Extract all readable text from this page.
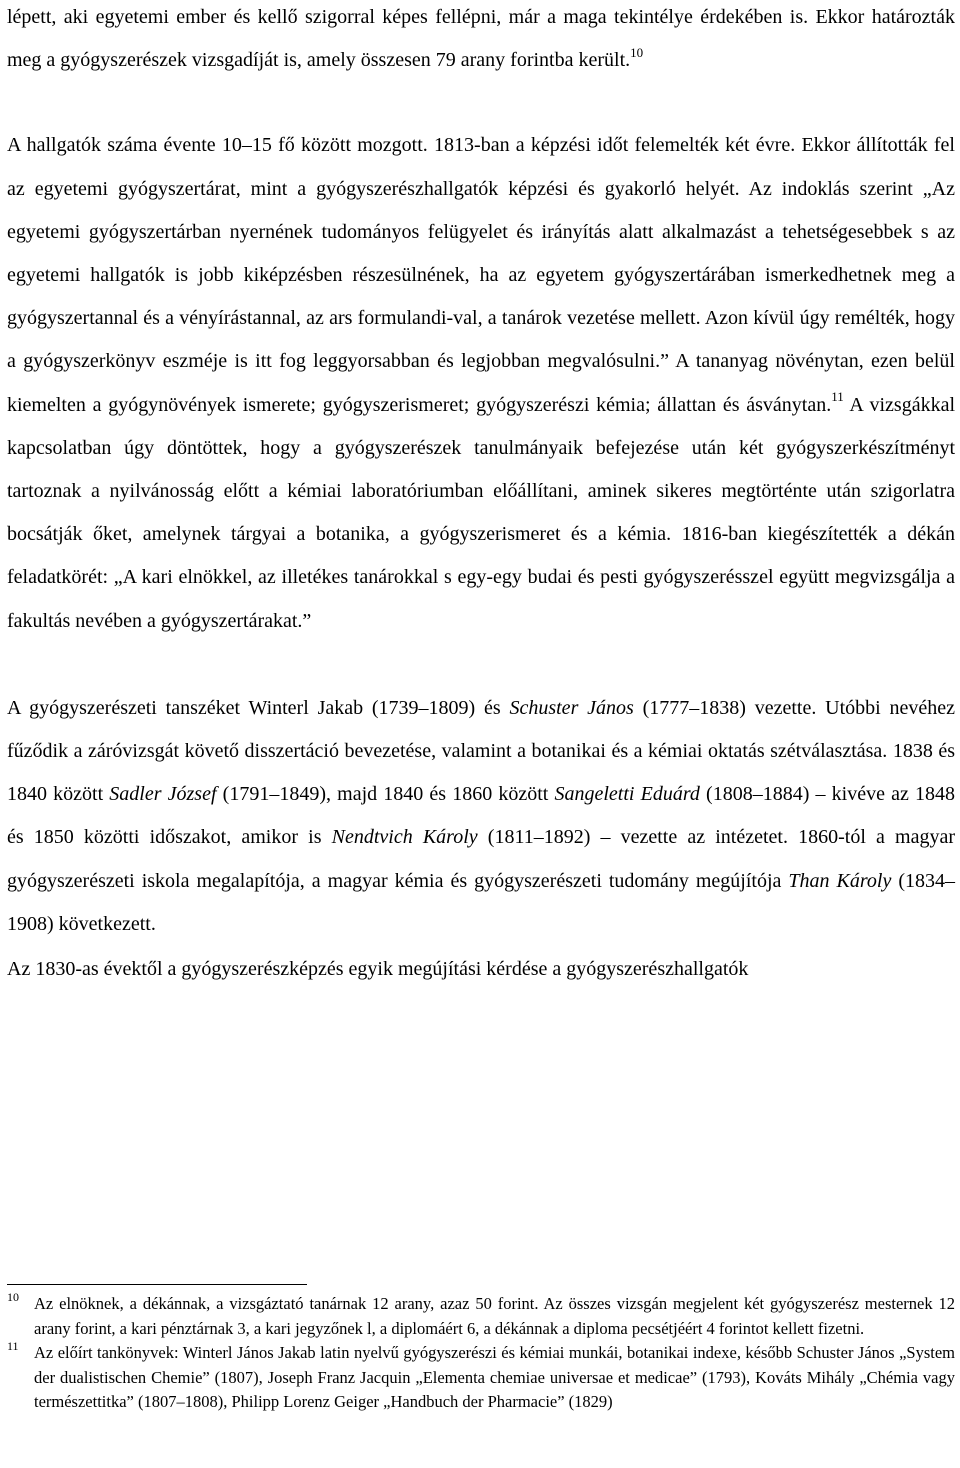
lépett, aki egyetemi ember és kellő szigorral képes fellépni, már a maga tekintélye érdekében is. Ekkor határozták meg a gyógyszerészek vizsgadíját is, amely összesen 79 arany forintba került.$^{10}$

A hallgatók száma évente 10–15 fő között mozgott. 1813-ban a képzési időt felemelték két évre. Ekkor állították fel az egyetemi gyógyszertárat, mint a gyógyszerészhallgatók képzési és gyakorló helyét. Az indoklás szerint „Az egyetemi gyógyszertárban nyernének tudományos felügyelet és irányítás alatt alkalmazást a tehetségesebbek s az egyetemi hallgatók is jobb kiképzésben részesülnének, ha az egyetem gyógyszertárában ismerkedhetnek meg a gyógyszertannal és a vényírástannal, az ars formulandi-val, a tanárok vezetése mellett. Azon kívül úgy remélték, hogy a gyógyszerkönyv eszméje is itt fog leggyorsabban és legjobban megvalósulni.” A tananyag növénytan, ezen belül kiemelten a gyógynövények ismerete; gyógyszerismeret; gyógyszerészi kémia; állattan és ásványtan.$^{11}$ A vizsgákkal kapcsolatban úgy döntöttek, hogy a gyógyszerészek tanulmányaik befejezése után két gyógyszerkészítményt tartoznak a nyilvánosság előtt a kémiai laboratóriumban előállítani, aminek sikeres megtörténte után szigorlatra bocsátják őket, amelynek tárgyai a botanika, a gyógyszerismeret és a kémia. 1816-ban kiegészítették a dékán feladatkörét: „A kari elnökkel, az illetékes tanárokkal s egy-egy budai és pesti gyógyszerésszel együtt megvizsgálja a fakultás nevében a gyógyszertárakat.”

A gyógyszerészeti tanszéket Winterl Jakab (1739–1809) és Schuster János (1777–1838) vezette. Utóbbi nevéhez fűződik a záróvizsgát követő disszertáció bevezetése, valamint a botanikai és a kémiai oktatás szétválasztása. 1838 és 1840 között Sadler József (1791–1849), majd 1840 és 1860 között Sangeletti Eduárd (1808–1884) – kivéve az 1848 és 1850 közötti időszakot, amikor is Nendtvich Károly (1811–1892) – vezette az intézetet. 1860-tól a magyar gyógyszerészeti iskola megalapítója, a magyar kémia és gyógyszerészeti tudomány megújítója Than Károly (1834–1908) következett.

Az 1830-as évektől a gyógyszerészképzés egyik megújítási kérdése a gyógyszerészhallgatók

10 Az elnöknek, a dékánnak, a vizsgáztató tanárnak 12 arany, azaz 50 forint. Az összes vizsgán megjelent két gyógyszerész mesternek 12 arany forint, a kari pénztárnak 3, a kari jegyzőnek l, a diplomáért 6, a dékánnak a diploma pecsétjéért 4 forintot kellett fizetni.

11 Az előírt tankönyvek: Winterl János Jakab latin nyelvű gyógyszerészi és kémiai munkái, botanikai indexe, később Schuster János „System der dualistischen Chemie” (1807), Joseph Franz Jacquin „Elementa chemiae universae et medicae” (1793), Kováts Mihály „Chémia vagy természettitka” (1807–1808), Philipp Lorenz Geiger „Handbuch der Pharmacie” (1829)
